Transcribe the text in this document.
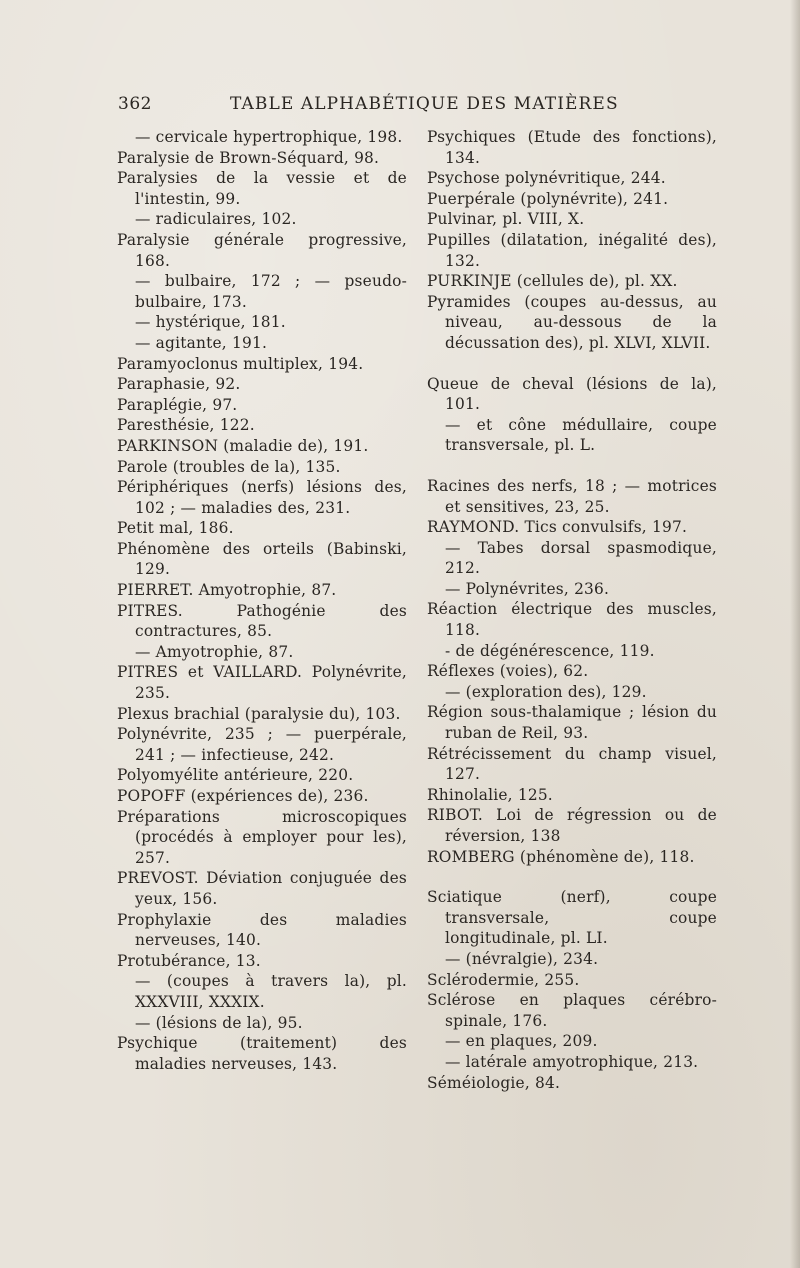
362	TABLE ALPHABÉTIQUE DES MATIÈRES

— cervicale hypertrophique, 198.

Paralysie de Brown-Séquard, 98.

Paralysies de la vessie et de l'intestin, 99.

— radiculaires, 102.

Paralysie générale progressive, 168.

— bulbaire, 172 ; — pseudo-bulbaire, 173.

— hystérique, 181.

— agitante, 191.

Paramyoclonus multiplex, 194.

Paraphasie, 92.

Paraplégie, 97.

Paresthésie, 122.

PARKINSON (maladie de), 191.

Parole (troubles de la), 135.

Périphériques (nerfs) lésions des, 102 ; — maladies des, 231.

Petit mal, 186.

Phénomène des orteils (Babinski, 129.

PIERRET. Amyotrophie, 87.

PITRES. Pathogénie des contractures, 85.

— Amyotrophie, 87.

PITRES et VAILLARD. Polynévrite, 235.

Plexus brachial (paralysie du), 103.

Polynévrite, 235 ; — puerpérale, 241 ; — infectieuse, 242.

Polyomyélite antérieure, 220.

POPOFF (expériences de), 236.

Préparations microscopiques (procédés à employer pour les), 257.

PREVOST. Déviation conjuguée des yeux, 156.

Prophylaxie des maladies nerveuses, 140.

Protubérance, 13.

— (coupes à travers la), pl. XXXVIII, XXXIX.

— (lésions de la), 95.

Psychique (traitement) des maladies nerveuses, 143.

Psychiques (Etude des fonctions), 134.

Psychose polynévritique, 244.

Puerpérale (polynévrite), 241.

Pulvinar, pl. VIII, X.

Pupilles (dilatation, inégalité des), 132.

PURKINJE (cellules de), pl. XX.

Pyramides (coupes au-dessus, au niveau, au-dessous de la décussation des), pl. XLVI, XLVII.

Queue de cheval (lésions de la), 101.

— et cône médullaire, coupe transversale, pl. L.

Racines des nerfs, 18 ; — motrices et sensitives, 23, 25.

RAYMOND. Tics convulsifs, 197.

— Tabes dorsal spasmodique, 212.

— Polynévrites, 236.

Réaction électrique des muscles, 118.

- de dégénérescence, 119.

Réflexes (voies), 62.

— (exploration des), 129.

Région sous-thalamique ; lésion du ruban de Reil, 93.

Rétrécissement du champ visuel, 127.

Rhinolalie, 125.

RIBOT. Loi de régression ou de réversion, 138

ROMBERG (phénomène de), 118.

Sciatique (nerf), coupe transversale, coupe longitudinale, pl. LI.

— (névralgie), 234.

Sclérodermie, 255.

Sclérose en plaques cérébro-spinale, 176.

— en plaques, 209.

— latérale amyotrophique, 213.

Séméiologie, 84.
